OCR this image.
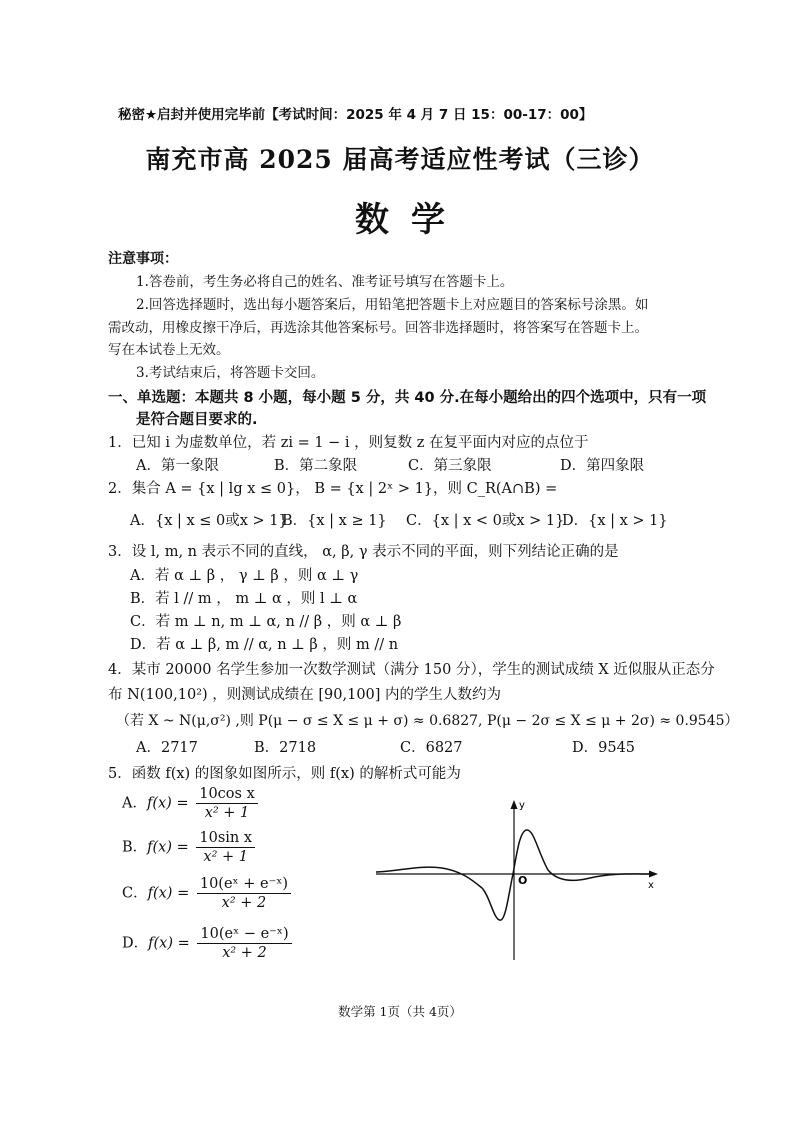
秘密★启封并使用完毕前【考试时间：2025 年 4 月 7 日 15：00-17：00】
南充市高 2025 届高考适应性考试（三诊）
数学
注意事项：
1.答卷前，考生务必将自己的姓名、准考证号填写在答题卡上。
2.回答选择题时，选出每小题答案后，用铅笔把答题卡上对应题目的答案标号涂黑。如
需改动，用橡皮擦干净后，再选涂其他答案标号。回答非选择题时，将答案写在答题卡上。
写在本试卷上无效。
3.考试结束后，将答题卡交回。
一、单选题：本题共 8 小题，每小题 5 分，共 40 分.在每小题给出的四个选项中，只有一项
是符合题目要求的.
1．已知 i 为虚数单位，若 zi = 1 − i ，则复数 z 在复平面内对应的点位于
A．第一象限	B．第二象限	C．第三象限	D．第四象限
2．集合 A = {x | lg x ≤ 0}， B = {x | 2ˣ > 1}，则 C_R(A∩B) =
A．{x | x ≤ 0或x > 1}
B．{x | x ≥ 1} C．{x | x < 0或x > 1}
D．{x | x > 1}
3．设 l, m, n 表示不同的直线， α, β, γ 表示不同的平面，则下列结论正确的是
A．若 α ⊥ β ， γ ⊥ β ，则 α ⊥ γ
B．若 l // m ， m ⊥ α ，则 l ⊥ α
C．若 m ⊥ n, m ⊥ α, n // β ，则 α ⊥ β
D．若 α ⊥ β, m // α, n ⊥ β ，则 m // n
4．某市 20000 名学生参加一次数学测试（满分 150 分），学生的测试成绩 X 近似服从正态分
布 N(100,10²) ，则测试成绩在 [90,100] 内的学生人数约为
（若 X ~ N(μ,σ²) ,则 P(μ − σ ≤ X ≤ μ + σ) ≈ 0.6827, P(μ − 2σ ≤ X ≤ μ + 2σ) ≈ 0.9545）
A．2717	B．2718	C．6827	D．9545
5．函数 f(x) 的图象如图所示，则 f(x) 的解析式可能为
A．$f(x) = \frac{\text{10cos x}}{\text{x² + 1}}$
B．$f(x) = \frac{\text{10sin x}}{\text{x² + 1}}$
C．$f(x) = \frac{\text{10(eˣ + e⁻ˣ)}}{\text{x² + 2}}$
D．$f(x) = \frac{\text{10(eˣ − e⁻ˣ)}}{\text{x² + 2}}$
y
x
O
数学第 1页（共 4页）
